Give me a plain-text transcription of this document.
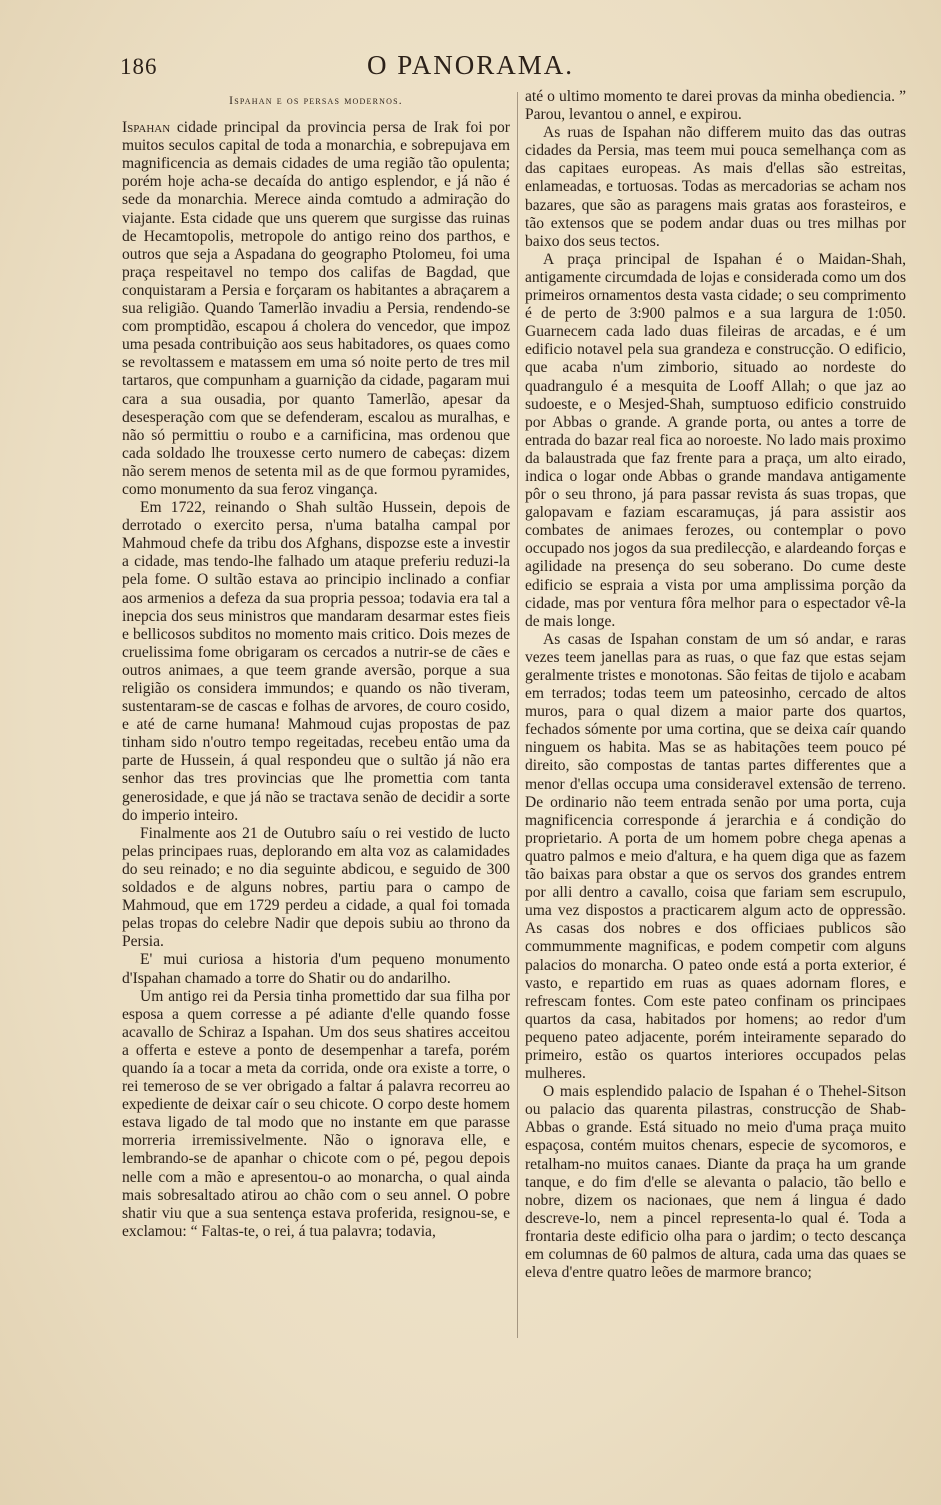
186	O PANORAMA.
Ispahan e os persas modernos.

Ispahan cidade principal da provincia persa de Irak foi por muitos seculos capital de toda a monarchia, e sobrepujava em magnificencia as demais cidades de uma região tão opulenta; porém hoje acha-se decaída do antigo esplendor, e já não é sede da monarchia. Merece ainda comtudo a admiração do viajante. Esta cidade que uns querem que surgisse das ruinas de Hecamtopolis, metropole do antigo reino dos parthos, e outros que seja a Aspadana do geographo Ptolomeu, foi uma praça respeitavel no tempo dos califas de Bagdad, que conquistaram a Persia e forçaram os habitantes a abraçarem a sua religião. Quando Tamerlão invadiu a Persia, rendendo-se com promptidão, escapou á cholera do vencedor, que impoz uma pesada contribuição aos seus habitadores, os quaes como se revoltassem e matassem em uma só noite perto de tres mil tartaros, que compunham a guarnição da cidade, pagaram mui cara a sua ousadia, por quanto Tamerlão, apesar da desesperação com que se defenderam, escalou as muralhas, e não só permittiu o roubo e a carnificina, mas ordenou que cada soldado lhe trouxesse certo numero de cabeças: dizem não serem menos de setenta mil as de que formou pyramides, como monumento da sua feroz vingança.

Em 1722, reinando o Shah sultão Hussein, depois de derrotado o exercito persa, n'uma batalha campal por Mahmoud chefe da tribu dos Afghans, dispozse este a investir a cidade, mas tendo-lhe falhado um ataque preferiu reduzi-la pela fome. O sultão estava ao principio inclinado a confiar aos armenios a defeza da sua propria pessoa; todavia era tal a inepcia dos seus ministros que mandaram desarmar estes fieis e bellicosos subditos no momento mais critico. Dois mezes de cruelissima fome obrigaram os cercados a nutrir-se de cães e outros animaes, a que teem grande aversão, porque a sua religião os considera immundos; e quando os não tiveram, sustentaram-se de cascas e folhas de arvores, de couro cosido, e até de carne humana! Mahmoud cujas propostas de paz tinham sido n'outro tempo regeitadas, recebeu então uma da parte de Hussein, á qual respondeu que o sultão já não era senhor das tres provincias que lhe promettia com tanta generosidade, e que já não se tractava senão de decidir a sorte do imperio inteiro.

Finalmente aos 21 de Outubro saíu o rei vestido de lucto pelas principaes ruas, deplorando em alta voz as calamidades do seu reinado; e no dia seguinte abdicou, e seguido de 300 soldados e de alguns nobres, partiu para o campo de Mahmoud, que em 1729 perdeu a cidade, a qual foi tomada pelas tropas do celebre Nadir que depois subiu ao throno da Persia.

E' mui curiosa a historia d'um pequeno monumento d'Ispahan chamado a torre do Shatir ou do andarilho.

Um antigo rei da Persia tinha promettido dar sua filha por esposa a quem corresse a pé adiante d'elle quando fosse acavallo de Schiraz a Ispahan. Um dos seus shatires acceitou a offerta e esteve a ponto de desempenhar a tarefa, porém quando ía a tocar a meta da corrida, onde ora existe a torre, o rei temeroso de se ver obrigado a faltar á palavra recorreu ao expediente de deixar caír o seu chicote. O corpo deste homem estava ligado de tal modo que no instante em que parasse morreria irremissivelmente. Não o ignorava elle, e lembrando-se de apanhar o chicote com o pé, pegou depois nelle com a mão e apresentou-o ao monarcha, o qual ainda mais sobresaltado atirou ao chão com o seu annel. O pobre shatir viu que a sua sentença estava proferida, resignou-se, e exclamou: “ Faltas-te, o rei, á tua palavra; todavia,

até o ultimo momento te darei provas da minha obediencia. ” Parou, levantou o annel, e expirou.

As ruas de Ispahan não differem muito das das outras cidades da Persia, mas teem mui pouca semelhança com as das capitaes europeas. As mais d'ellas são estreitas, enlameadas, e tortuosas. Todas as mercadorias se acham nos bazares, que são as paragens mais gratas aos forasteiros, e tão extensos que se podem andar duas ou tres milhas por baixo dos seus tectos.

A praça principal de Ispahan é o Maidan-Shah, antigamente circumdada de lojas e considerada como um dos primeiros ornamentos desta vasta cidade; o seu comprimento é de perto de 3:900 palmos e a sua largura de 1:050. Guarnecem cada lado duas fileiras de arcadas, e é um edificio notavel pela sua grandeza e construcção. O edificio, que acaba n'um zimborio, situado ao nordeste do quadrangulo é a mesquita de Looff Allah; o que jaz ao sudoeste, e o Mesjed-Shah, sumptuoso edificio construido por Abbas o grande. A grande porta, ou antes a torre de entrada do bazar real fica ao noroeste. No lado mais proximo da balaustrada que faz frente para a praça, um alto eirado, indica o logar onde Abbas o grande mandava antigamente pôr o seu throno, já para passar revista ás suas tropas, que galopavam e faziam escaramuças, já para assistir aos combates de animaes ferozes, ou contemplar o povo occupado nos jogos da sua predilecção, e alardeando forças e agilidade na presença do seu soberano. Do cume deste edificio se espraia a vista por uma amplissima porção da cidade, mas por ventura fôra melhor para o espectador vê-la de mais longe.

As casas de Ispahan constam de um só andar, e raras vezes teem janellas para as ruas, o que faz que estas sejam geralmente tristes e monotonas. São feitas de tijolo e acabam em terrados; todas teem um pateosinho, cercado de altos muros, para o qual dizem a maior parte dos quartos, fechados sómente por uma cortina, que se deixa caír quando ninguem os habita. Mas se as habitações teem pouco pé direito, são compostas de tantas partes differentes que a menor d'ellas occupa uma consideravel extensão de terreno. De ordinario não teem entrada senão por uma porta, cuja magnificencia corresponde á jerarchia e á condição do proprietario. A porta de um homem pobre chega apenas a quatro palmos e meio d'altura, e ha quem diga que as fazem tão baixas para obstar a que os servos dos grandes entrem por alli dentro a cavallo, coisa que fariam sem escrupulo, uma vez dispostos a practicarem algum acto de oppressão. As casas dos nobres e dos officiaes publicos são commummente magnificas, e podem competir com alguns palacios do monarcha. O pateo onde está a porta exterior, é vasto, e repartido em ruas as quaes adornam flores, e refrescam fontes. Com este pateo confinam os principaes quartos da casa, habitados por homens; ao redor d'um pequeno pateo adjacente, porém inteiramente separado do primeiro, estão os quartos interiores occupados pelas mulheres.

O mais esplendido palacio de Ispahan é o Thehel-Sitson ou palacio das quarenta pilastras, construcção de Shab-Abbas o grande. Está situado no meio d'uma praça muito espaçosa, contém muitos chenars, especie de sycomoros, e retalham-no muitos canaes. Diante da praça ha um grande tanque, e do fim d'elle se alevanta o palacio, tão bello e nobre, dizem os nacionaes, que nem á lingua é dado descreve-lo, nem a pincel representa-lo qual é. Toda a frontaria deste edificio olha para o jardim; o tecto descança em columnas de 60 palmos de altura, cada uma das quaes se eleva d'entre quatro leões de marmore branco;
